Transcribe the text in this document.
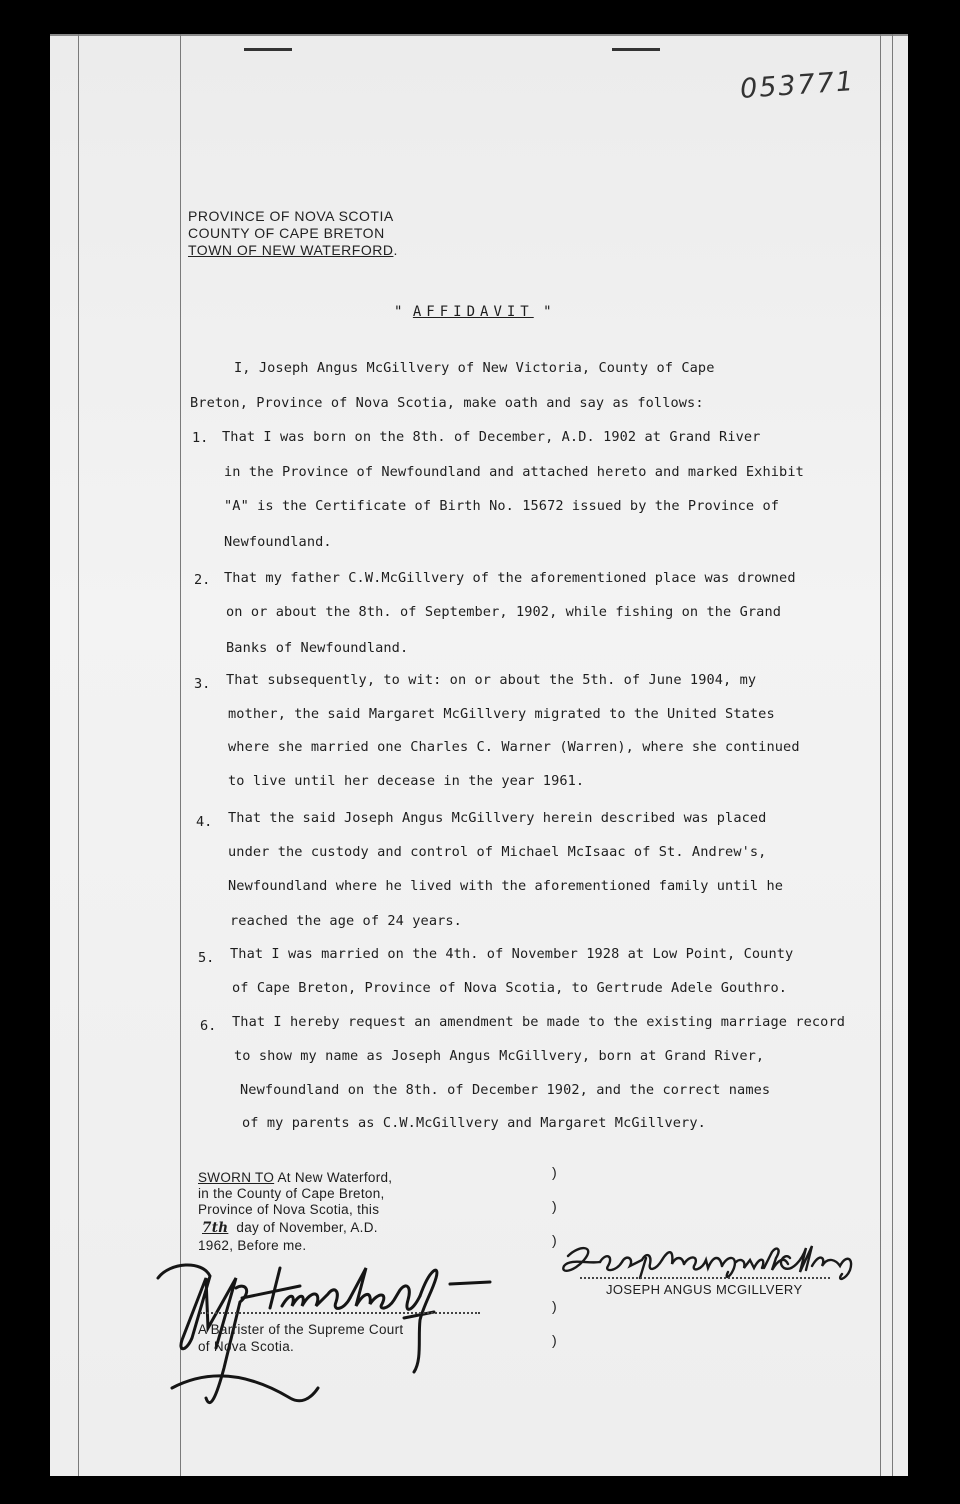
053771
PROVINCE OF NOVA SCOTIA
COUNTY OF CAPE BRETON
TOWN OF NEW WATERFORD.
" AFFIDAVIT "
I, Joseph Angus McGillvery of New Victoria, County of Cape
Breton, Province of Nova Scotia, make oath and say as follows:
1. That I was born on the 8th. of December, A.D. 1902 at Grand River
in the Province of Newfoundland and attached hereto and marked Exhibit
"A" is the Certificate of Birth No. 15672 issued by the Province of
Newfoundland.
2. That my father C.W.McGillvery of the aforementioned place was drowned
on or about the 8th. of September, 1902, while fishing on the Grand
Banks of Newfoundland.
3. That subsequently, to wit: on or about the 5th. of June 1904, my
mother, the said Margaret McGillvery migrated to the United States
where she married one Charles C. Warner (Warren), where she continued
to live until her decease in the year 1961.
4. That the said Joseph Angus McGillvery herein described was placed
under the custody and control of Michael McIsaac of St. Andrew's,
Newfoundland where he lived with the aforementioned family until he
reached the age of 24 years.
5. That I was married on the 4th. of November 1928 at Low Point, County
of Cape Breton, Province of Nova Scotia, to Gertrude Adele Gouthro.
6. That I hereby request an amendment be made to the existing marriage record
to show my name as Joseph Angus McGillvery, born at Grand River,
Newfoundland on the 8th. of December 1902, and the correct names
of my parents as C.W.McGillvery and Margaret McGillvery.
SWORN TO At New Waterford,
in the County of Cape Breton,
Province of Nova Scotia, this
7th day of November, A.D.
1962, Before me.
)
)
)
)
)
JOSEPH ANGUS MCGILLVERY
A Barrister of the Supreme Court
of Nova Scotia.
